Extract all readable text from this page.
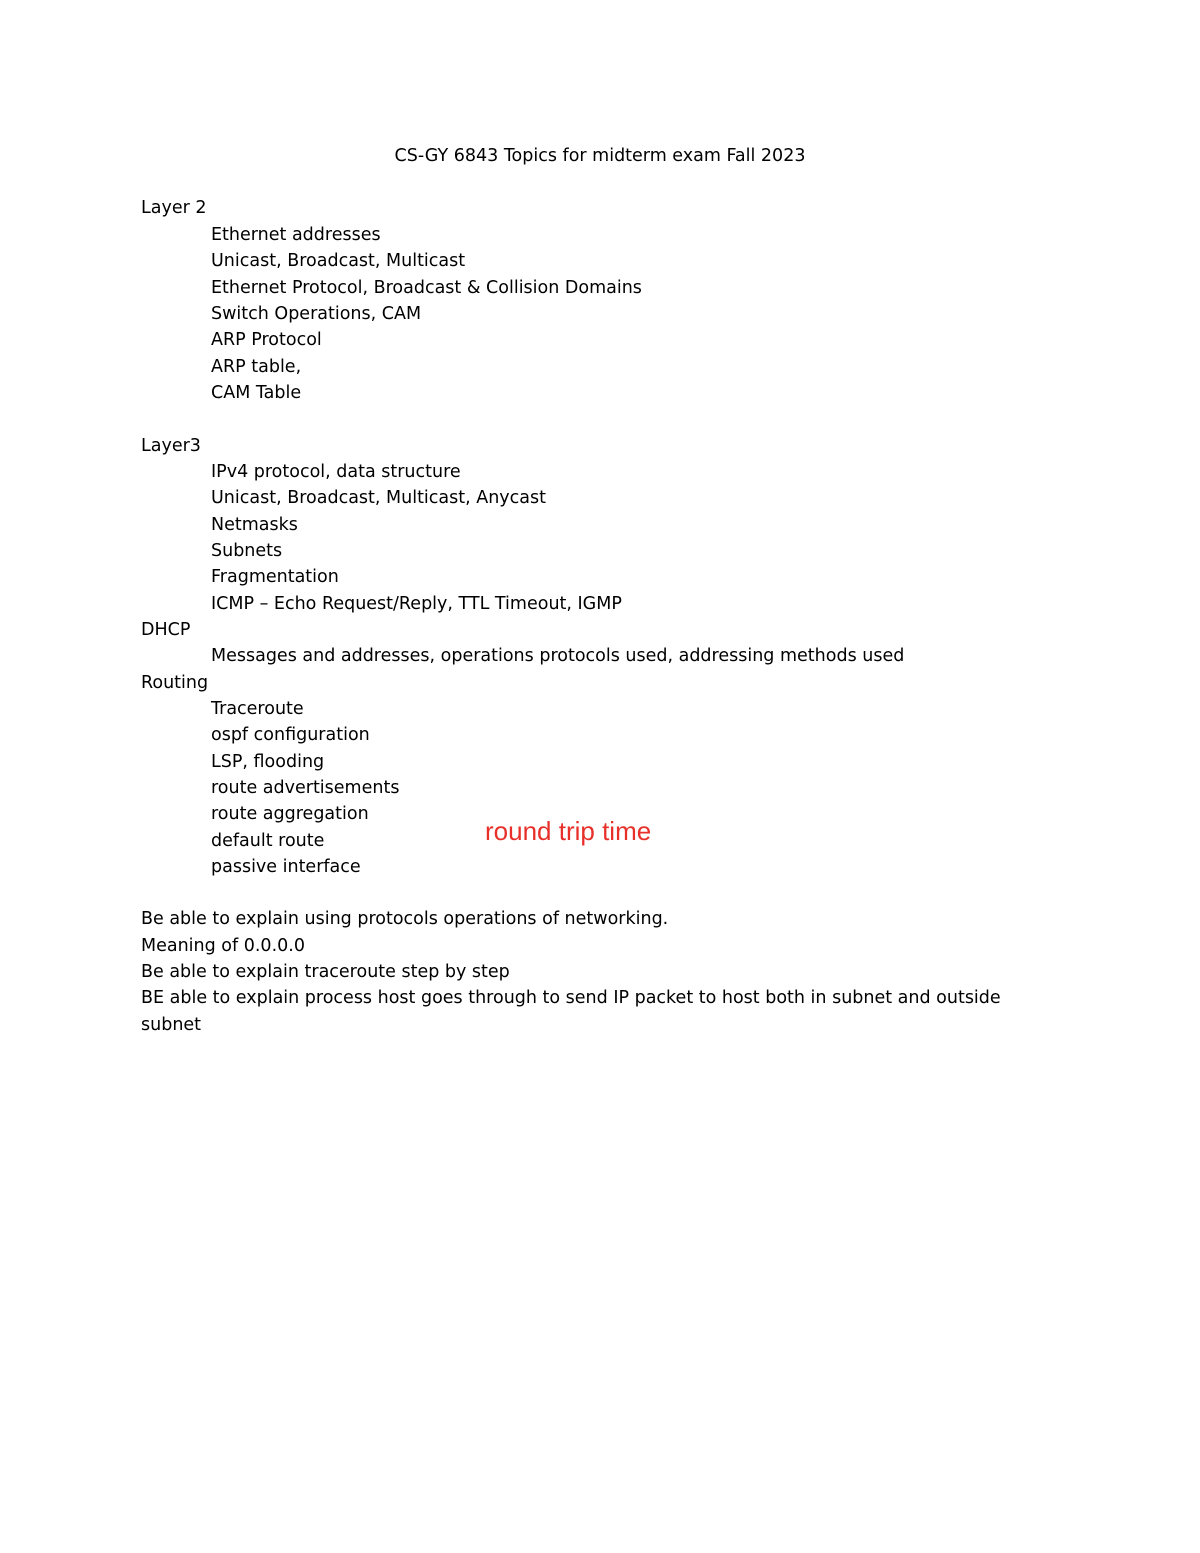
CS-GY 6843 Topics for midterm exam Fall 2023
Layer 2
Ethernet addresses
Unicast, Broadcast, Multicast
Ethernet Protocol, Broadcast & Collision Domains
Switch Operations, CAM
ARP Protocol
ARP table,
CAM Table
Layer3
IPv4 protocol, data structure
Unicast, Broadcast, Multicast, Anycast
Netmasks
Subnets
Fragmentation
ICMP – Echo Request/Reply, TTL Timeout, IGMP
DHCP
Messages and addresses, operations protocols used, addressing methods used
Routing
Traceroute
ospf configuration
LSP, flooding
route advertisements
route aggregation
default route
passive interface
round trip time
Be able to explain using protocols operations of networking.
Meaning of 0.0.0.0
Be able to explain traceroute step by step
BE able to explain process host goes through to send IP packet to host both in subnet and outside
subnet
